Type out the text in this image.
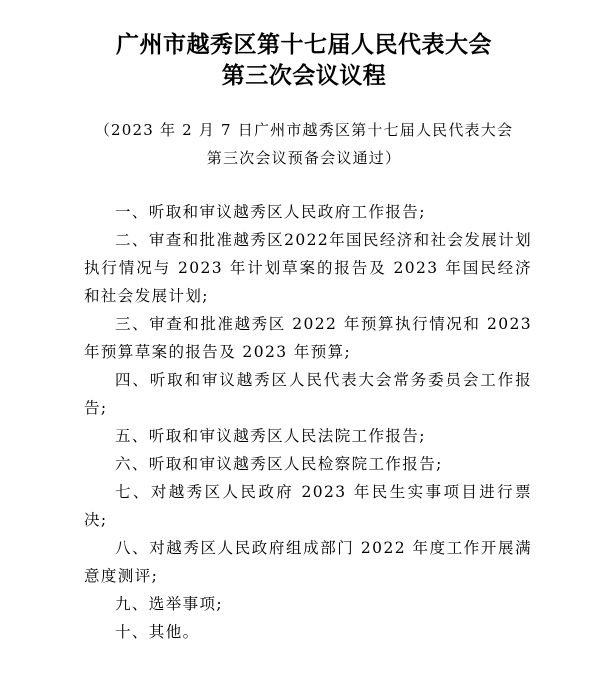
广州市越秀区第十七届人民代表大会
第三次会议议程
（2023 年 2 月 7 日广州市越秀区第十七届人民代表大会
第三次会议预备会议通过）

一、听取和审议越秀区人民政府工作报告;

二、审查和批准越秀区2022年国民经济和社会发展计划执行情况与 2023 年计划草案的报告及 2023 年国民经济和社会发展计划;

三、审查和批准越秀区 2022 年预算执行情况和 2023 年预算草案的报告及 2023 年预算;

四、听取和审议越秀区人民代表大会常务委员会工作报告;

五、听取和审议越秀区人民法院工作报告;

六、听取和审议越秀区人民检察院工作报告;

七、对越秀区人民政府 2023 年民生实事项目进行票决;

八、对越秀区人民政府组成部门 2022 年度工作开展满意度测评;

九、选举事项;

十、其他。
